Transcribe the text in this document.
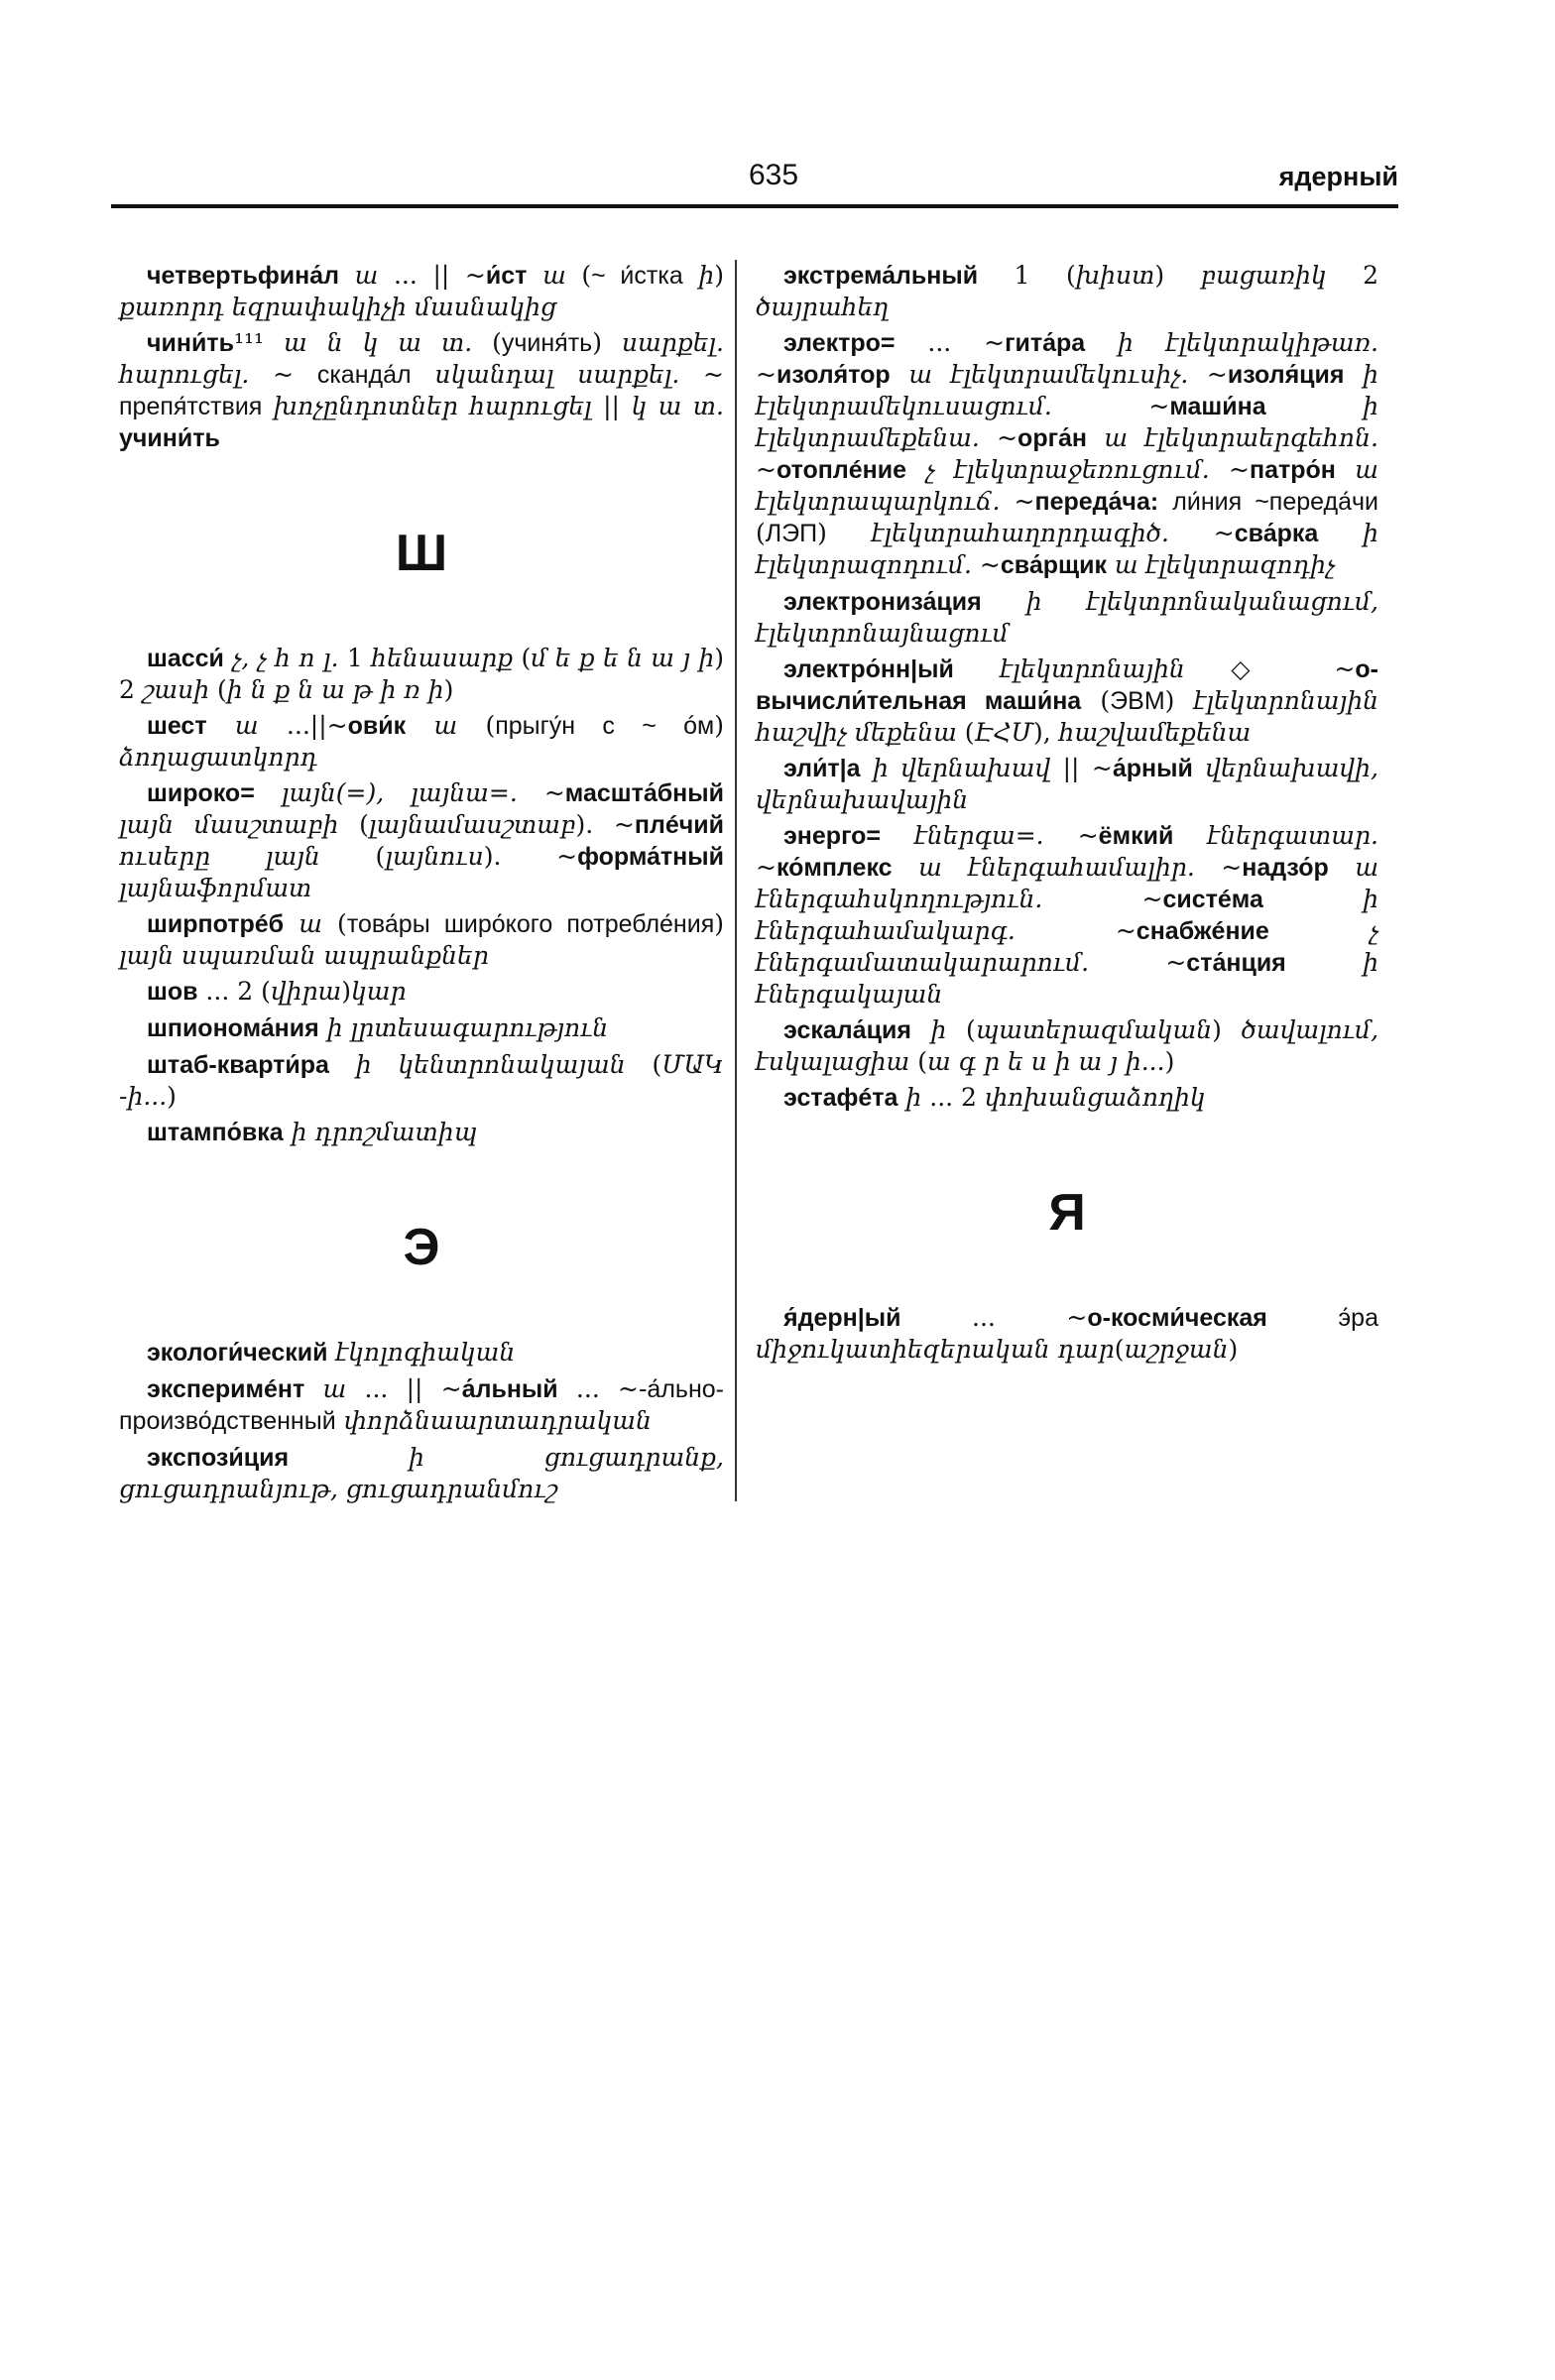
635	ядерный

четвертьфина́л ш ... || ~и́ст ш (~ и́стка ի) քառորդ եզրափակիչի մասնակից

чини́ть¹¹¹ ա ն կ ա տ. (учиня́ть) սարքել. հարուցել. ~ сканда́л սկանդալ սարքել. ~ препя́тствия խոչընդոտներ հարուցել || կ ա տ. учини́ть

Ш

шасси́ չ, չ հ ո լ. 1 հենասարք (մ ե ք ե ն ա յ ի) 2 շասի (ի ն ք ն ա թ ի ռ ի)

шест ш ...||~ови́к ш (прыгу́н с ~ óм) ձողացատկորդ

широко= լայն(=), լայնա=. ~масшта́бный լայն մասշտաբի (լայնամասշտաբ). ~плéчий ուսերը լայն (լայնուս). ~форма́тный լայնաֆորմատ

ширпотрéб ш (това́ры широ́кого потребле́ния) լայն սպառման ապրանքներ

шов ... 2 (վիրա)կար

шпионома́ния ի լրտեսագարություն

штаб-кварти́ра ի կենտրոնակայան (ՄԱԿ -ի...)

штампо́вка ի դրոշմատիպ

Э

экологи́ческий էկոլոգիական

эксперимéнт ш ... || ~а́льный ... ~-а́льно-произво́дственный փորձնաարտադրական

экспози́ция	ի ցուցադրանք, ցուցադրանյութ, ցուցադրանմուշ

экстрема́льный 1 (խիստ) բացառիկ 2 ծայրահեղ

электро= ... ~гита́ра ի էլեկտրակիթառ. ~изоля́тор ш էլեկտրամեկուսիչ. ~изоля́ция ի էլեկտրամեկուսացում. ~маши́на	ի էլեկտրամեքենա. ~орга́н ш էլեկտրաերգեհոն. ~отоплéние չ էլեկտրաջեռուցում. ~патро́н ш էլեկտրապարկուճ. ~переда́ча: ли́ния ~переда́чи (ЛЭП) էլեկտրահաղորդագիծ. ~сва́рка ի էլեկտրազոդում. ~сва́рщик ш էլեկտրազոդիչ

электрониза́ция ի էլեկտրոնականացում, էլեկտրոնայնացում

электро́нн|ый էլեկտրոնային ◇ ~о-вычисли́тельная маши́на (ЭВМ) էլեկտրոնային հաշվիչ մեքենա (ԷՀՄ), հաշվամեքենա

эли́т|а ի վերնախավ || ~а́рный վերնախավի, վերնախավային

энерго= էներգա=. ~ёмкий էներգատար. ~ко́мплекс ш էներգահամալիր. ~надзо́р ш էներգահսկողություն. ~систéма	ի էներգահամակարգ. ~снабжéние	չ էներգամատակարարում. ~ста́нция	ի էներգակայան

эскала́ция ի (պատերազմական) ծավալում, էսկալացիա (ա գ ր ե ս ի ա յ ի...)

эстафéта ի ... 2 փոխանցաձողիկ

Я

я́дерн|ый ... ~о-косми́ческая	э́ра միջուկատիեզերական դար(աշրջան)
